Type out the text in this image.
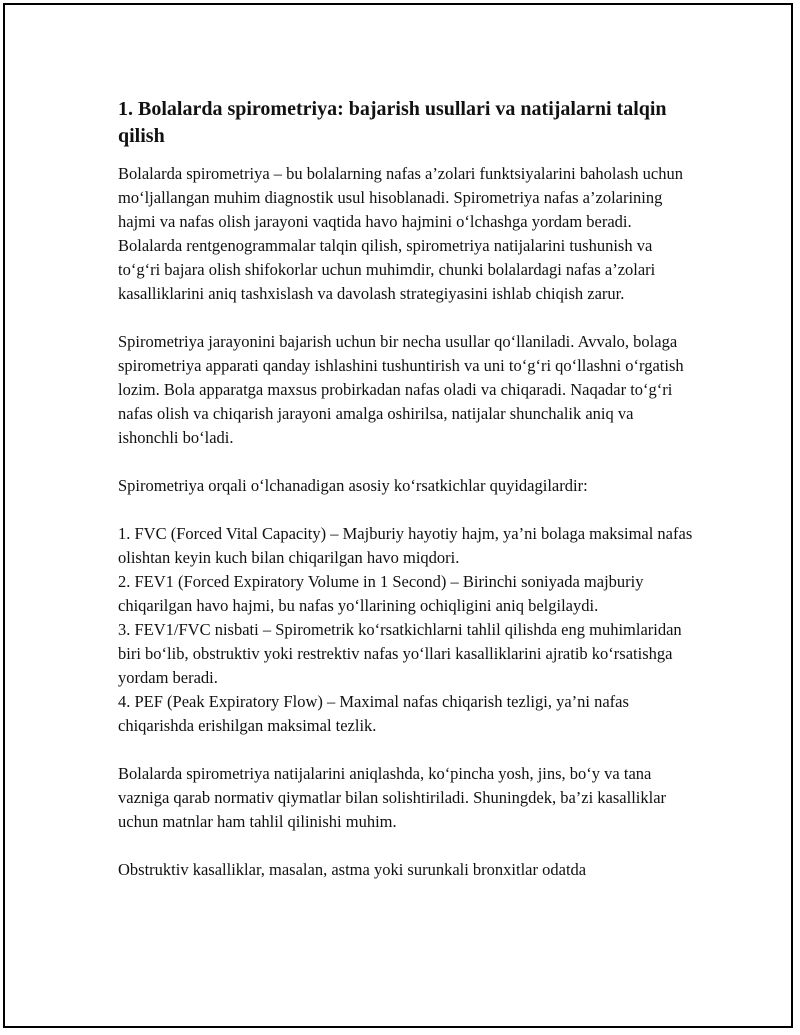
1. Bolalarda spirometriya: bajarish usullari va natijalarni talqin qilish

Bolalarda spirometriya – bu bolalarning nafas a’zolari funktsiyalarini baholash uchun mo‘ljallangan muhim diagnostik usul hisoblanadi. Spirometriya nafas a’zolarining hajmi va nafas olish jarayoni vaqtida havo hajmini o‘lchashga yordam beradi. Bolalarda rentgenogrammalar talqin qilish, spirometriya natijalarini tushunish va to‘g‘ri bajara olish shifokorlar uchun muhimdir, chunki bolalardagi nafas a’zolari kasalliklarini aniq tashxislash va davolash strategiyasini ishlab chiqish zarur.

Spirometriya jarayonini bajarish uchun bir necha usullar qo‘llaniladi. Avvalo, bolaga spirometriya apparati qanday ishlashini tushuntirish va uni to‘g‘ri qo‘llashni o‘rgatish lozim. Bola apparatga maxsus probirkadan nafas oladi va chiqaradi. Naqadar to‘g‘ri nafas olish va chiqarish jarayoni amalga oshirilsa, natijalar shunchalik aniq va ishonchli bo‘ladi.

Spirometriya orqali o‘lchanadigan asosiy ko‘rsatkichlar quyidagilardir:

1. FVC (Forced Vital Capacity) – Majburiy hayotiy hajm, ya’ni bolaga maksimal nafas olishtan keyin kuch bilan chiqarilgan havo miqdori.
2. FEV1 (Forced Expiratory Volume in 1 Second) – Birinchi soniyada majburiy chiqarilgan havo hajmi, bu nafas yo‘llarining ochiqligini aniq belgilaydi.
3. FEV1/FVC nisbati – Spirometrik ko‘rsatkichlarni tahlil qilishda eng muhimlaridan biri bo‘lib, obstruktiv yoki restrektiv nafas yo‘llari kasalliklarini ajratib ko‘rsatishga yordam beradi.
4. PEF (Peak Expiratory Flow) – Maximal nafas chiqarish tezligi, ya’ni nafas chiqarishda erishilgan maksimal tezlik.

Bolalarda spirometriya natijalarini aniqlashda, ko‘pincha yosh, jins, bo‘y va tana vazniga qarab normativ qiymatlar bilan solishtiriladi. Shuningdek, ba’zi kasalliklar uchun matnlar ham tahlil qilinishi muhim.

Obstruktiv kasalliklar, masalan, astma yoki surunkali bronxitlar odatda
